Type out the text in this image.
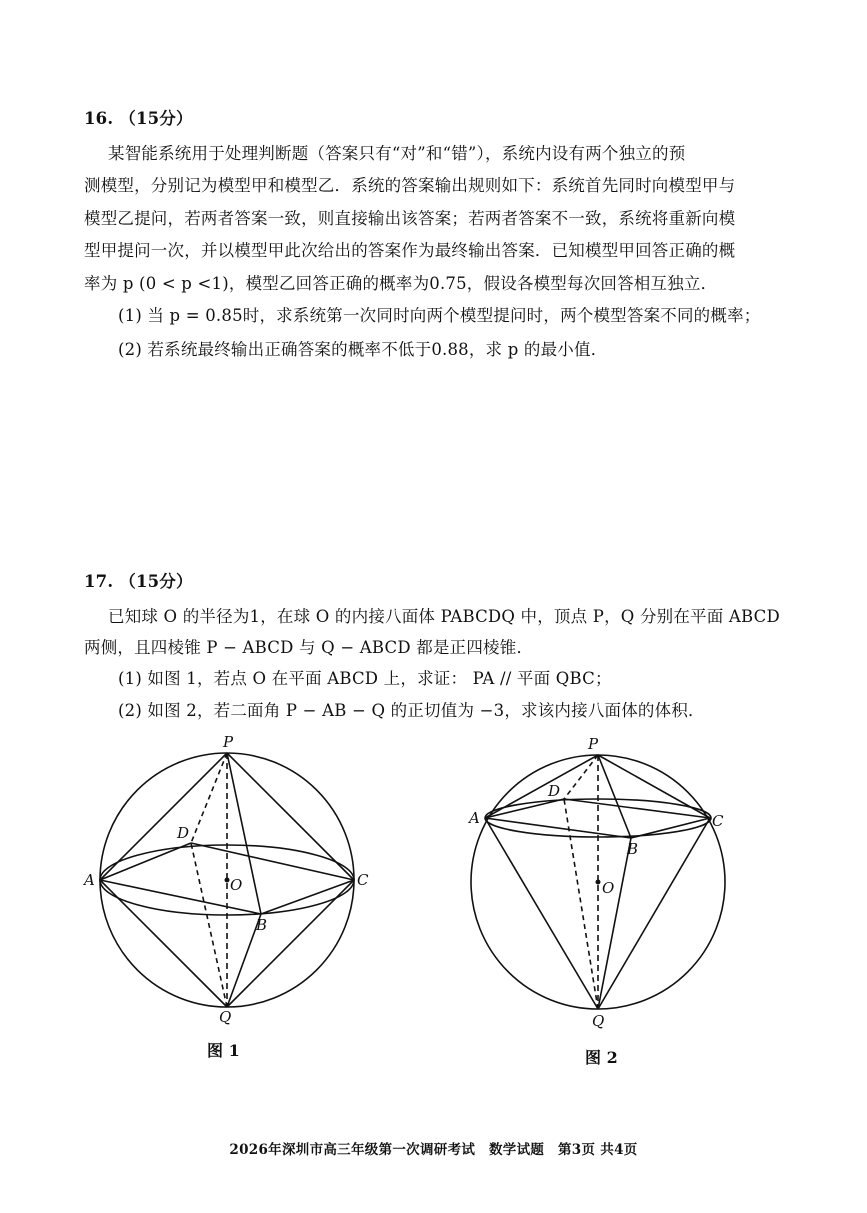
16. （15分）
某智能系统用于处理判断题（答案只有“对”和“错”），系统内设有两个独立的预
测模型，分别记为模型甲和模型乙．系统的答案输出规则如下：系统首先同时向模型甲与
模型乙提问，若两者答案一致，则直接输出该答案；若两者答案不一致，系统将重新向模
型甲提问一次，并以模型甲此次给出的答案作为最终输出答案．已知模型甲回答正确的概
率为 p (0 < p <1)，模型乙回答正确的概率为0.75，假设各模型每次回答相互独立．
(1) 当 p = 0.85时，求系统第一次同时向两个模型提问时，两个模型答案不同的概率；
(2) 若系统最终输出正确答案的概率不低于0.88，求 p 的最小值．
17. （15分）
已知球 O 的半径为1，在球 O 的内接八面体 PABCDQ 中，顶点 P，Q 分别在平面 ABCD
两侧，且四棱锥 P − ABCD 与 Q − ABCD 都是正四棱锥．
(1) 如图 1，若点 O 在平面 ABCD 上，求证： PA // 平面 QBC；
(2) 如图 2，若二面角 P − AB − Q 的正切值为 −3，求该内接八面体的体积．
P
A	C
D
B
O
Q
图 1
P
A	C
D
B
O
Q
图 2
2026年深圳市高三年级第一次调研考试　数学试题　第3页 共4页
